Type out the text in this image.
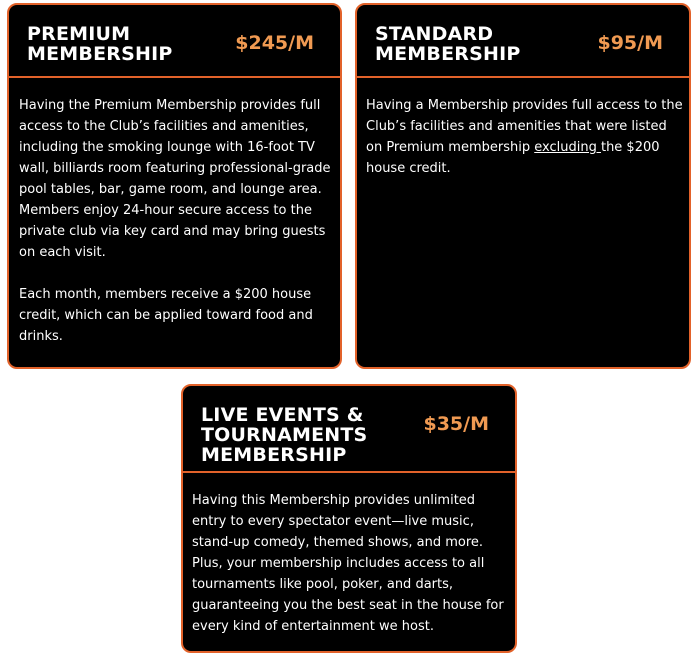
PREMIUM
MEMBERSHIP	$245/M

Having the Premium Membership provides full access to the Club’s facilities and amenities, including the smoking lounge with 16-foot TV wall, billiards room featuring professional-grade pool tables, bar, game room, and lounge area. Members enjoy 24-hour secure access to the private club via key card and may bring guests on each visit.

Each month, members receive a $200 house credit, which can be applied toward food and drinks.

STANDARD
MEMBERSHIP	$95/M

Having a Membership provides full access to the Club’s facilities and amenities that were listed on Premium membership excluding the $200 house credit.

LIVE EVENTS &
TOURNAMENTS
MEMBERSHIP
$35/M

Having this Membership provides unlimited entry to every spectator event—live music, stand-up comedy, themed shows, and more. Plus, your membership includes access to all tournaments like pool, poker, and darts, guaranteeing you the best seat in the house for every kind of entertainment we host.
